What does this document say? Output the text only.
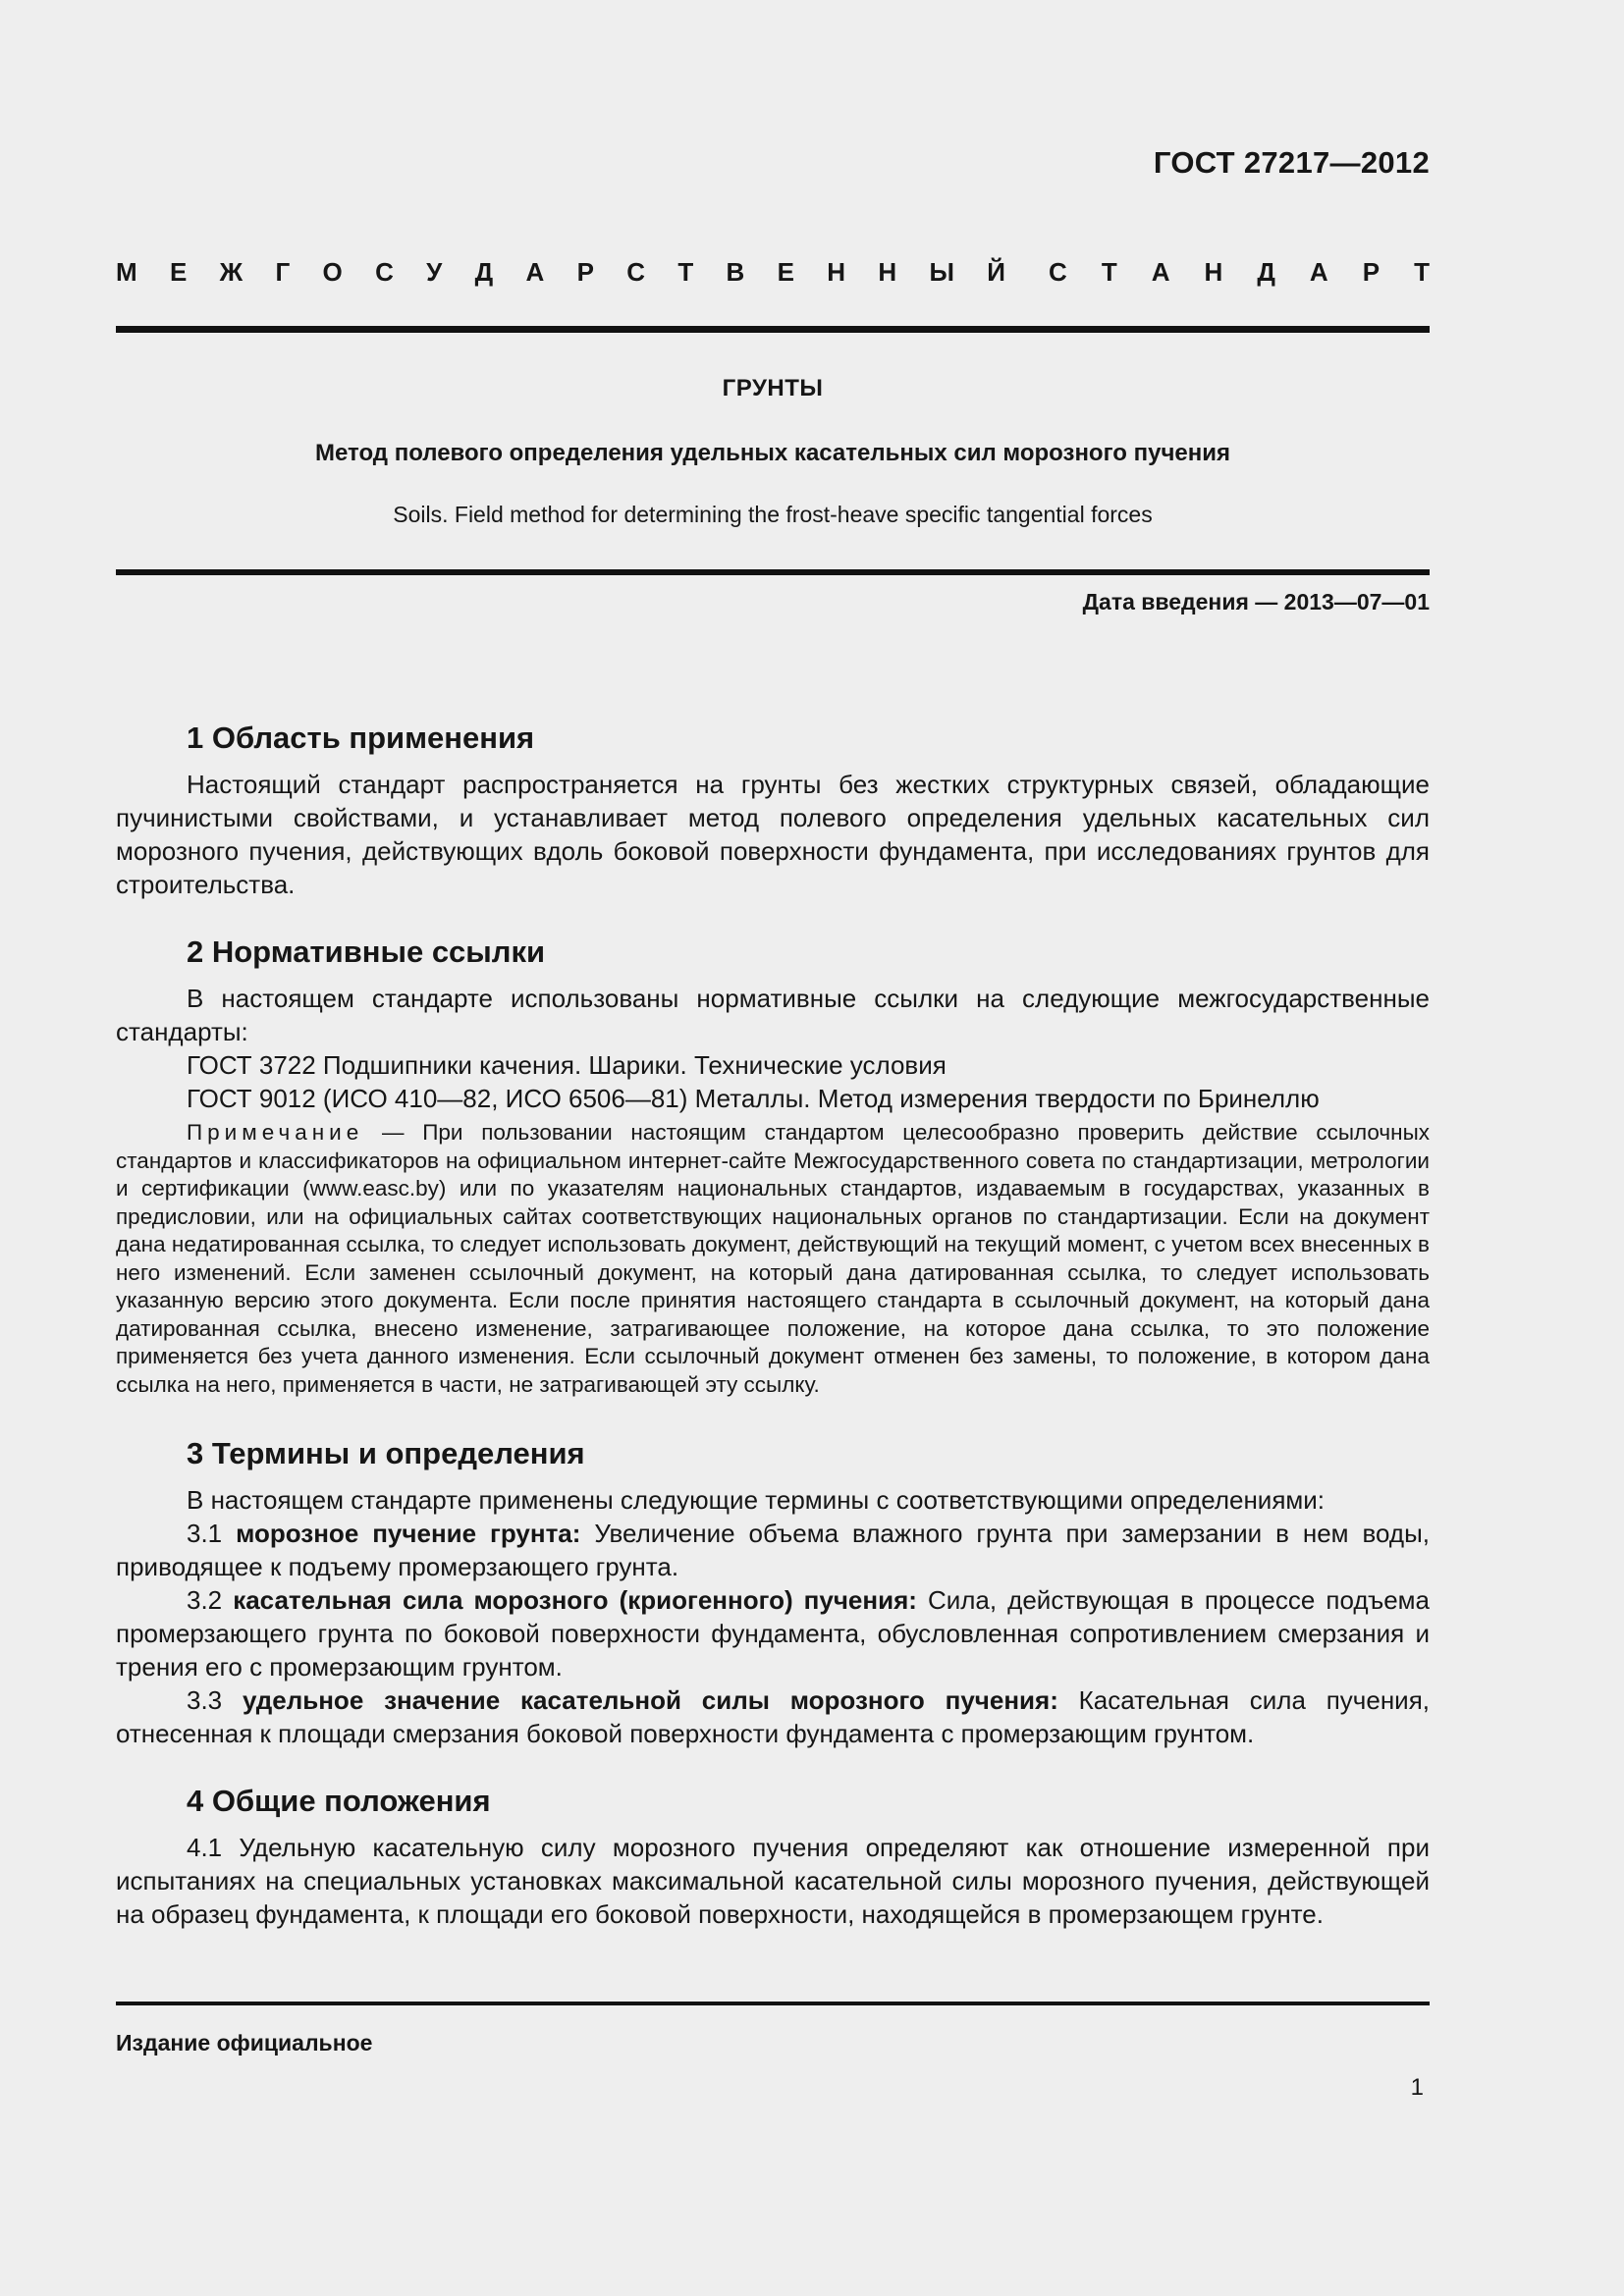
ГОСТ 27217—2012
М Е Ж Г О С У Д А Р С Т В Е Н Н Ы Й С Т А Н Д А Р Т
ГРУНТЫ
Метод полевого определения удельных касательных сил морозного пучения
Soils. Field method for determining the frost-heave specific tangential forces
Дата введения — 2013—07—01
1 Область применения

Настоящий стандарт распространяется на грунты без жестких структурных связей, обладающие пучинистыми свойствами, и устанавливает метод полевого определения удельных касательных сил морозного пучения, действующих вдоль боковой поверхности фундамента, при исследованиях грунтов для строительства.

2 Нормативные ссылки

В настоящем стандарте использованы нормативные ссылки на следующие межгосударственные стандарты:

ГОСТ 3722 Подшипники качения. Шарики. Технические условия

ГОСТ 9012 (ИСО 410—82, ИСО 6506—81) Металлы. Метод измерения твердости по Бринеллю

Примечание — При пользовании настоящим стандартом целесообразно проверить действие ссылочных стандартов и классификаторов на официальном интернет-сайте Межгосударственного совета по стандартизации, метрологии и сертификации (www.easc.by) или по указателям национальных стандартов, издаваемым в государствах, указанных в предисловии, или на официальных сайтах соответствующих национальных органов по стандартизации. Если на документ дана недатированная ссылка, то следует использовать документ, действующий на текущий момент, с учетом всех внесенных в него изменений. Если заменен ссылочный документ, на который дана датированная ссылка, то следует использовать указанную версию этого документа. Если после принятия настоящего стандарта в ссылочный документ, на который дана датированная ссылка, внесено изменение, затрагивающее положение, на которое дана ссылка, то это положение применяется без учета данного изменения. Если ссылочный документ отменен без замены, то положение, в котором дана ссылка на него, применяется в части, не затрагивающей эту ссылку.

3 Термины и определения

В настоящем стандарте применены следующие термины с соответствующими определениями:

3.1 морозное пучение грунта: Увеличение объема влажного грунта при замерзании в нем воды, приводящее к подъему промерзающего грунта.

3.2 касательная сила морозного (криогенного) пучения: Сила, действующая в процессе подъема промерзающего грунта по боковой поверхности фундамента, обусловленная сопротивлением смерзания и трения его с промерзающим грунтом.

3.3 удельное значение касательной силы морозного пучения: Касательная сила пучения, отнесенная к площади смерзания боковой поверхности фундамента с промерзающим грунтом.

4 Общие положения

4.1 Удельную касательную силу морозного пучения определяют как отношение измеренной при испытаниях на специальных установках максимальной касательной силы морозного пучения, действующей на образец фундамента, к площади его боковой поверхности, находящейся в промерзающем грунте.

Издание официальное
1
